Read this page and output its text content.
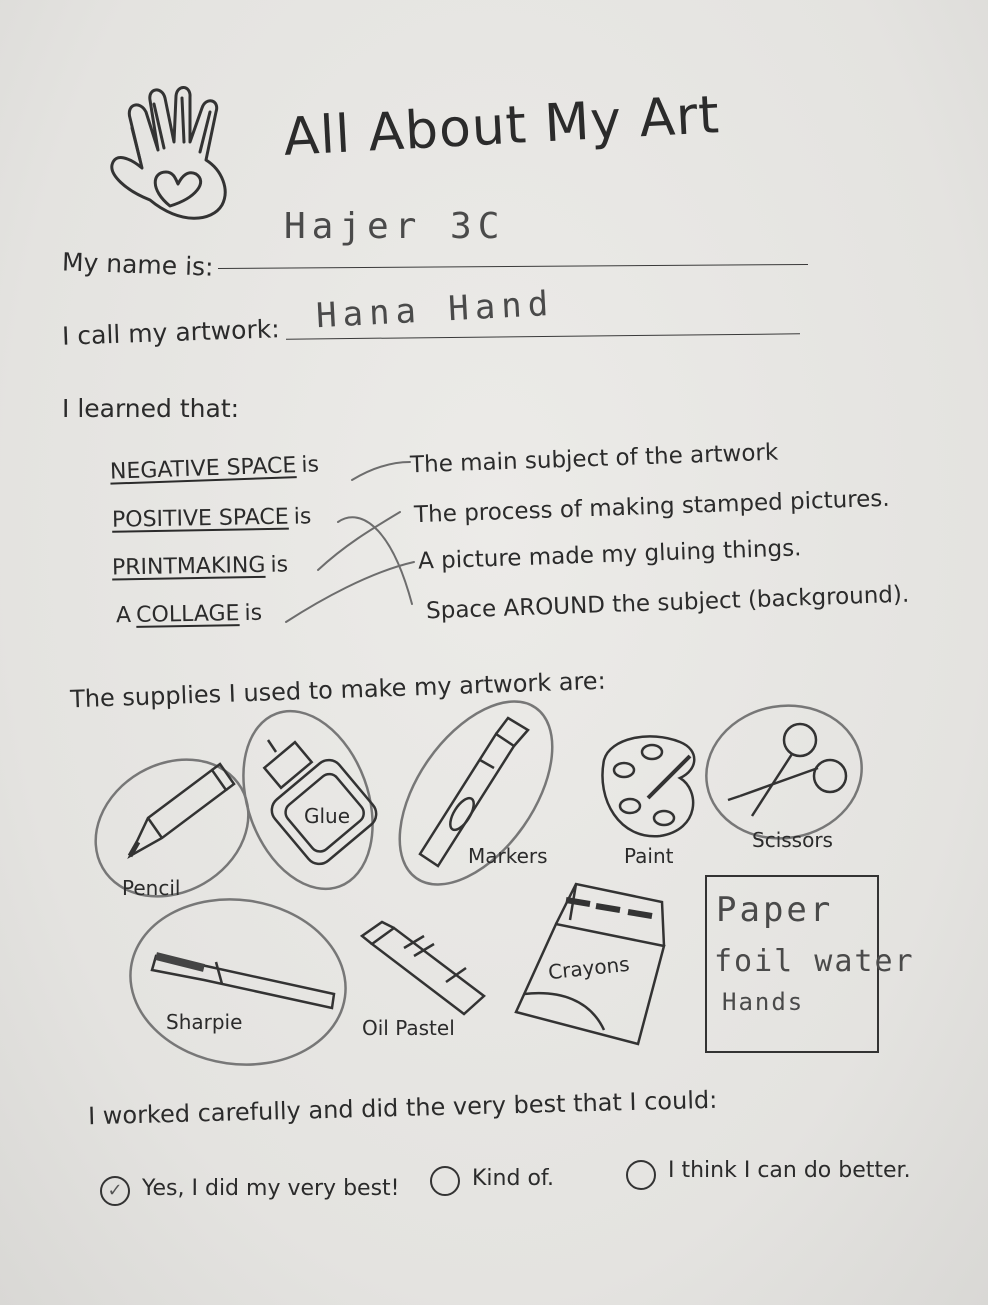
All About My Art
My name is:
Hajer 3C
I call my artwork: Hana Hand
I learned that:
NEGATIVE SPACE is
POSITIVE SPACE is
PRINTMAKING is
A COLLAGE is
The main subject of the artwork
The process of making stamped pictures.
A picture made my gluing things.
Space AROUND the subject (background).
The supplies I used to make my artwork are:
Pencil
Glue
Markers	Paint
Scissors
Sharpie	Oil Pastel
Crayons
Paper
foil water
Hands
I worked carefully and did the very best that I could:
✓ Yes, I did my very best!	Kind of.	I think I can do better.
